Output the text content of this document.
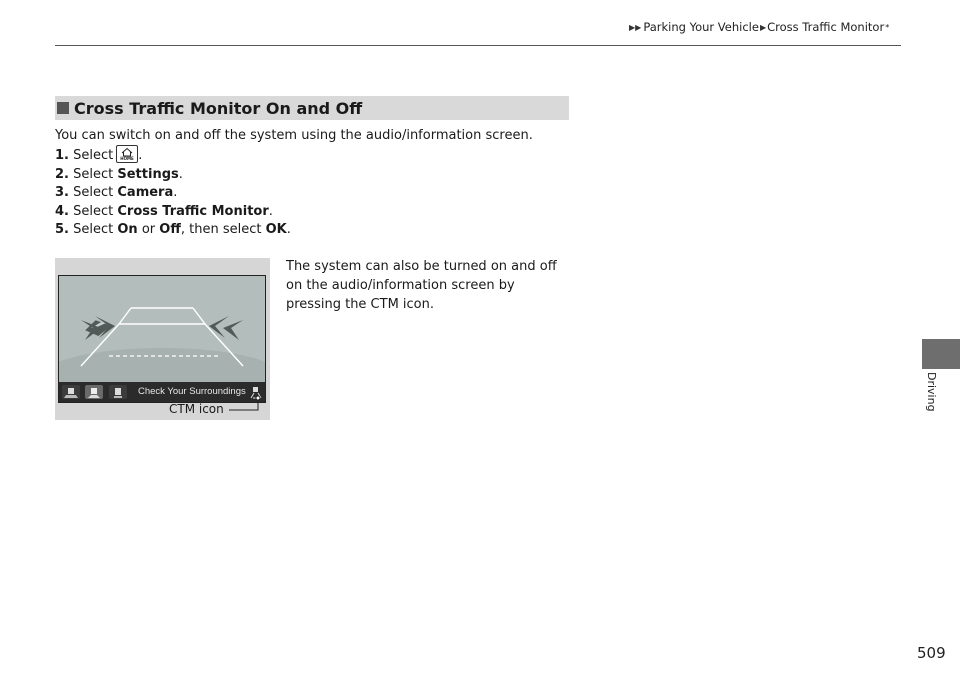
▶▶ Parking Your Vehicle ▶ Cross Traffic Monitor *
Driving
Cross Traffic Monitor On and Off
You can switch on and off the system using the audio/information screen.
1. Select HOME .
2. Select Settings.
3. Select Camera.
4. Select Cross Traffic Monitor.
5. Select On or Off, then select OK.
The system can also be turned on and off on the audio/information screen by pressing the CTM icon.
Check Your Surroundings
CTM icon
509
